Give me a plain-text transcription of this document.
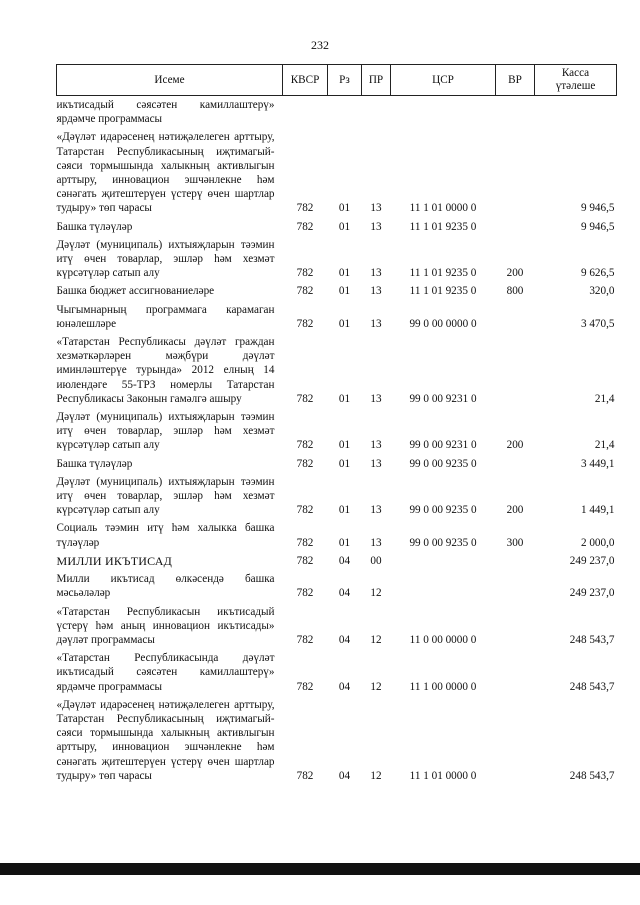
232
Исеме	КВСР	Рз	ПР	ЦСР	ВР	Касса
үтәлеше

икътисадый сәясәтен камиллаштерү» ярдәмче программасы						
«Дәүләт идарәсенең нәтиҗәлелеген арттыру, Татарстан Республикасының иҗтимагый-сәяси тормышында халыкның активлыгын арттыру, инновацион эшчәнлекне һәм сәнәгать җитештерүен үстерү өчен шартлар тудыру» төп чарасы	782	01	13	11 1 01 0000 0		9 946,5
Башка түләүләр	782	01	13	11 1 01 9235 0		9 946,5
Дәүләт (муниципаль) ихтыяҗларын тәэмин итү өчен товарлар, эшләр һәм хезмәт күрсәтүләр сатып алу	782	01	13	11 1 01 9235 0	200	9 626,5
Башка бюджет ассигнованиеләре	782	01	13	11 1 01 9235 0	800	320,0
Чыгымнарның программага карамаган юнәлешләре	782	01	13	99 0 00 0000 0		3 470,5
«Татарстан Республикасы дәүләт граждан хезмәткәрләрен мәҗбүри дәүләт иминләштерүе турында» 2012 елның 14 июлендәге 55-ТРЗ номерлы Татарстан Республикасы Законын гамәлгә ашыру	782	01	13	99 0 00 9231 0		21,4
Дәүләт (муниципаль) ихтыяҗларын тәэмин итү өчен товарлар, эшләр һәм хезмәт күрсәтүләр сатып алу	782	01	13	99 0 00 9231 0	200	21,4
Башка түләүләр	782	01	13	99 0 00 9235 0		3 449,1
Дәүләт (муниципаль) ихтыяҗларын тәэмин итү өчен товарлар, эшләр һәм хезмәт күрсәтүләр сатып алу	782	01	13	99 0 00 9235 0	200	1 449,1
Социаль тәэмин итү һәм халыкка башка түләүләр	782	01	13	99 0 00 9235 0	300	2 000,0
МИЛЛИ ИКЪТИСАД	782	04	00			249 237,0
Милли икътисад өлкәсендә башка мәсьәләләр	782	04	12			249 237,0
«Татарстан Республикасын икътисадый үстерү һәм аның инновацион икътисады» дәүләт программасы	782	04	12	11 0 00 0000 0		248 543,7
«Татарстан Республикасында дәүләт икътисадый сәясәтен камиллаштерү» ярдәмче программасы	782	04	12	11 1 00 0000 0		248 543,7
«Дәүләт идарәсенең нәтиҗәлелеген арттыру, Татарстан Республикасының иҗтимагый-сәяси тормышында халыкның активлыгын арттыру, инновацион эшчәнлекне һәм сәнәгать җитештерүен үстерү өчен шартлар тудыру» төп чарасы	782	04	12	11 1 01 0000 0		248 543,7
